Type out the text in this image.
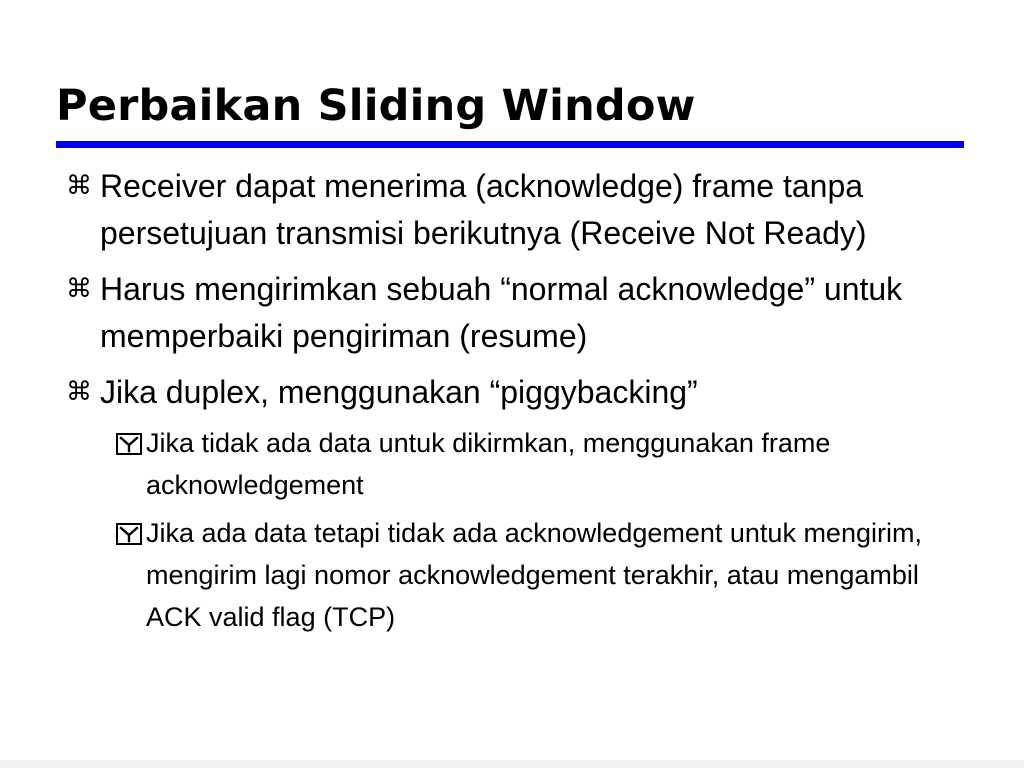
Perbaikan Sliding Window
⌘ Receiver dapat menerima (acknowledge) frame tanpa persetujuan transmisi berikutnya (Receive Not Ready)
⌘ Harus mengirimkan sebuah “normal acknowledge” untuk memperbaiki pengiriman (resume)
⌘ Jika duplex, menggunakan “piggybacking”
Jika tidak ada data untuk dikirmkan, menggunakan frame acknowledgement
Jika ada data tetapi tidak ada acknowledgement untuk mengirim, mengirim lagi nomor acknowledgement terakhir, atau mengambil ACK valid flag (TCP)
